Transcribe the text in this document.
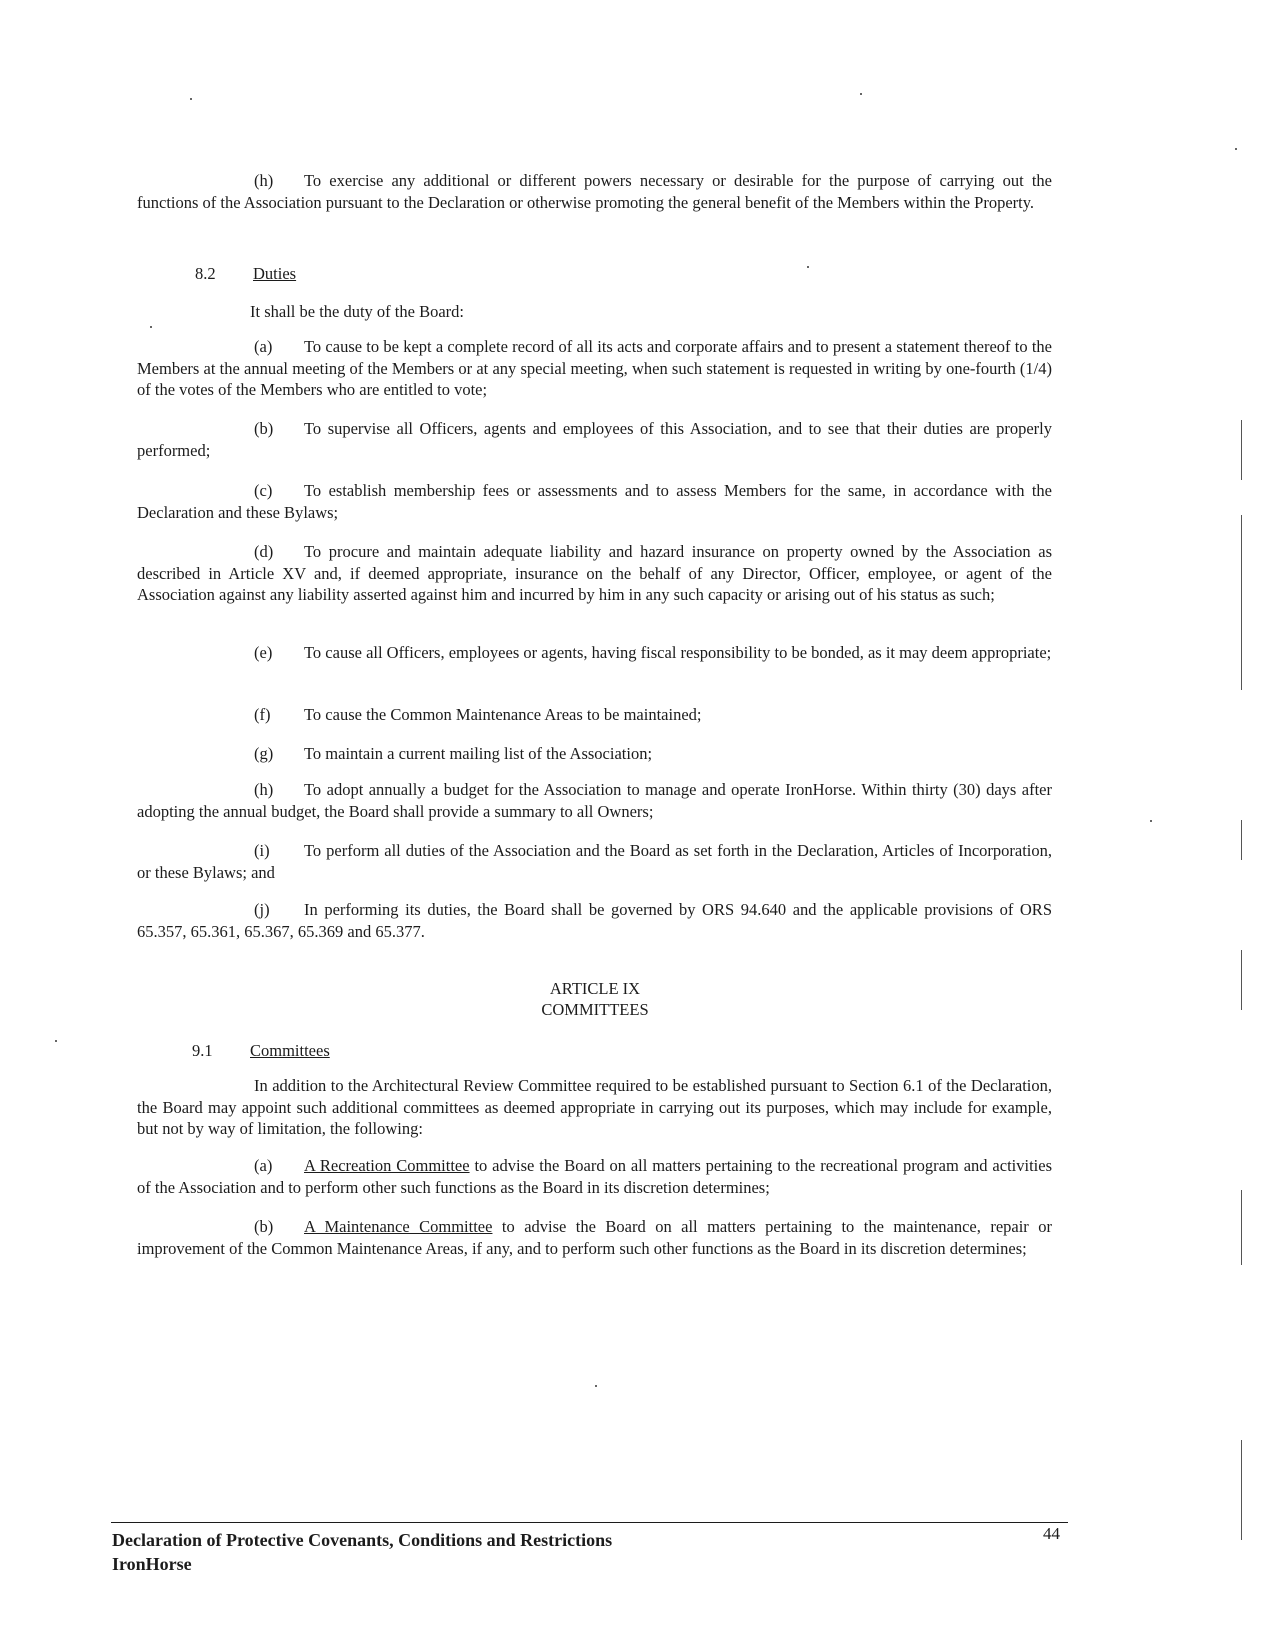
(h) To exercise any additional or different powers necessary or desirable for the purpose of carrying out the functions of the Association pursuant to the Declaration or otherwise promoting the general benefit of the Members within the Property.
8.2 Duties
It shall be the duty of the Board:
(a) To cause to be kept a complete record of all its acts and corporate affairs and to present a statement thereof to the Members at the annual meeting of the Members or at any special meeting, when such statement is requested in writing by one-fourth (1/4) of the votes of the Members who are entitled to vote;
(b) To supervise all Officers, agents and employees of this Association, and to see that their duties are properly performed;
(c) To establish membership fees or assessments and to assess Members for the same, in accordance with the Declaration and these Bylaws;
(d) To procure and maintain adequate liability and hazard insurance on property owned by the Association as described in Article XV and, if deemed appropriate, insurance on the behalf of any Director, Officer, employee, or agent of the Association against any liability asserted against him and incurred by him in any such capacity or arising out of his status as such;
(e) To cause all Officers, employees or agents, having fiscal responsibility to be bonded, as it may deem appropriate;
(f) To cause the Common Maintenance Areas to be maintained;
(g) To maintain a current mailing list of the Association;
(h) To adopt annually a budget for the Association to manage and operate IronHorse. Within thirty (30) days after adopting the annual budget, the Board shall provide a summary to all Owners;
(i) To perform all duties of the Association and the Board as set forth in the Declaration, Articles of Incorporation, or these Bylaws; and
(j) In performing its duties, the Board shall be governed by ORS 94.640 and the applicable provisions of ORS 65.357, 65.361, 65.367, 65.369 and 65.377.
ARTICLE IX
COMMITTEES
9.1 Committees
In addition to the Architectural Review Committee required to be established pursuant to Section 6.1 of the Declaration, the Board may appoint such additional committees as deemed appropriate in carrying out its purposes, which may include for example, but not by way of limitation, the following:
(a) A Recreation Committee to advise the Board on all matters pertaining to the recreational program and activities of the Association and to perform other such functions as the Board in its discretion determines;
(b) A Maintenance Committee to advise the Board on all matters pertaining to the maintenance, repair or improvement of the Common Maintenance Areas, if any, and to perform such other functions as the Board in its discretion determines;
Declaration of Protective Covenants, Conditions and Restrictions
IronHorse
44
